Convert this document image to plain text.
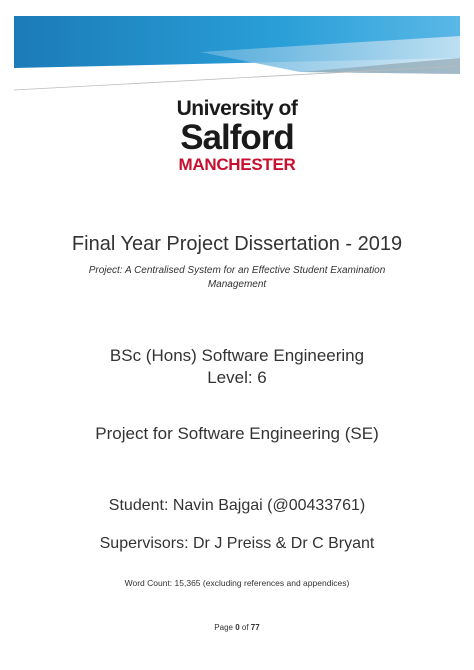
University of
Salford
MANCHESTER
Final Year Project Dissertation - 2019
Project: A Centralised System for an Effective Student Examination
Management
BSc (Hons) Software Engineering
Level: 6
Project for Software Engineering (SE)
Student: Navin Bajgai (@00433761)
Supervisors: Dr J Preiss & Dr C Bryant
Word Count: 15,365 (excluding references and appendices)
Page 0 of 77
